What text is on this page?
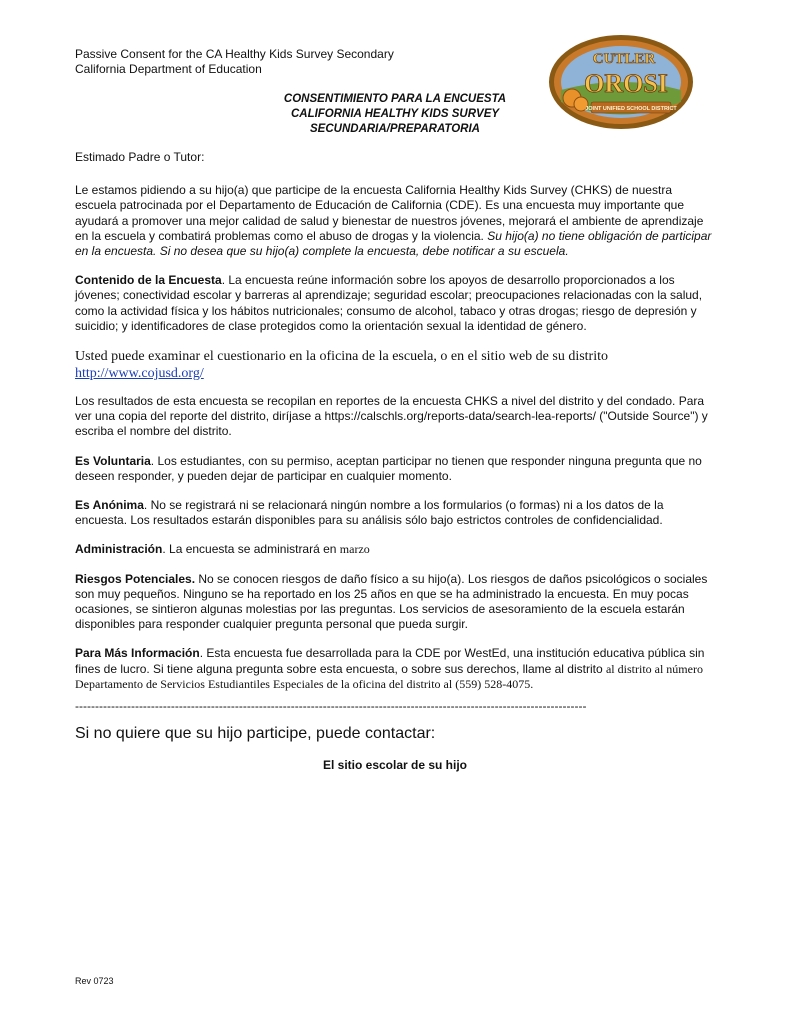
Passive Consent for the CA Healthy Kids Survey Secondary
California Department of Education
CUTLER
OROSI
JOINT UNIFIED SCHOOL DISTRICT
CONSENTIMIENTO PARA LA ENCUESTA
CALIFORNIA HEALTHY KIDS SURVEY
SECUNDARIA/PREPARATORIA

Estimado Padre o Tutor:

Le estamos pidiendo a su hijo(a) que participe de la encuesta California Healthy Kids Survey (CHKS) de nuestra escuela patrocinada por el Departamento de Educación de California (CDE). Es una encuesta muy importante que ayudará a promover una mejor calidad de salud y bienestar de nuestros jóvenes, mejorará el ambiente de aprendizaje en la escuela y combatirá problemas como el abuso de drogas y la violencia. Su hijo(a) no tiene obligación de participar en la encuesta. Si no desea que su hijo(a) complete la encuesta, debe notificar a su escuela.

Contenido de la Encuesta. La encuesta reúne información sobre los apoyos de desarrollo proporcionados a los jóvenes; conectividad escolar y barreras al aprendizaje; seguridad escolar; preocupaciones relacionadas con la salud, como la actividad física y los hábitos nutricionales; consumo de alcohol, tabaco y otras drogas; riesgo de depresión y suicidio; y identificadores de clase protegidos como la orientación sexual la identidad de género.

Usted puede examinar el cuestionario en la oficina de la escuela, o en el sitio web de su distrito
http://www.cojusd.org/

Los resultados de esta encuesta se recopilan en reportes de la encuesta CHKS a nivel del distrito y del condado. Para ver una copia del reporte del distrito, diríjase a https://calschls.org/reports-data/search-lea-reports/ ("Outside Source") y escriba el nombre del distrito.

Es Voluntaria. Los estudiantes, con su permiso, aceptan participar no tienen que responder ninguna pregunta que no deseen responder, y pueden dejar de participar en cualquier momento.

Es Anónima. No se registrará ni se relacionará ningún nombre a los formularios (o formas) ni a los datos de la encuesta. Los resultados estarán disponibles para su análisis sólo bajo estrictos controles de confidencialidad.

Administración. La encuesta se administrará en marzo

Riesgos Potenciales. No se conocen riesgos de daño físico a su hijo(a). Los riesgos de daños psicológicos o sociales son muy pequeños. Ninguno se ha reportado en los 25 años en que se ha administrado la encuesta. En muy pocas ocasiones, se sintieron algunas molestias por las preguntas. Los servicios de asesoramiento de la escuela estarán disponibles para responder cualquier pregunta personal que pueda surgir.

Para Más Información. Esta encuesta fue desarrollada para la CDE por WestEd, una institución educativa pública sin fines de lucro. Si tiene alguna pregunta sobre esta encuesta, o sobre sus derechos, llame al distrito al distrito al número Departamento de Servicios Estudiantiles Especiales de la oficina del distrito al (559) 528-4075.

--------------------------------------------------------------------------------------------------------------------------------

Si no quiere que su hijo participe, puede contactar:

El sitio escolar de su hijo
Rev 0723
